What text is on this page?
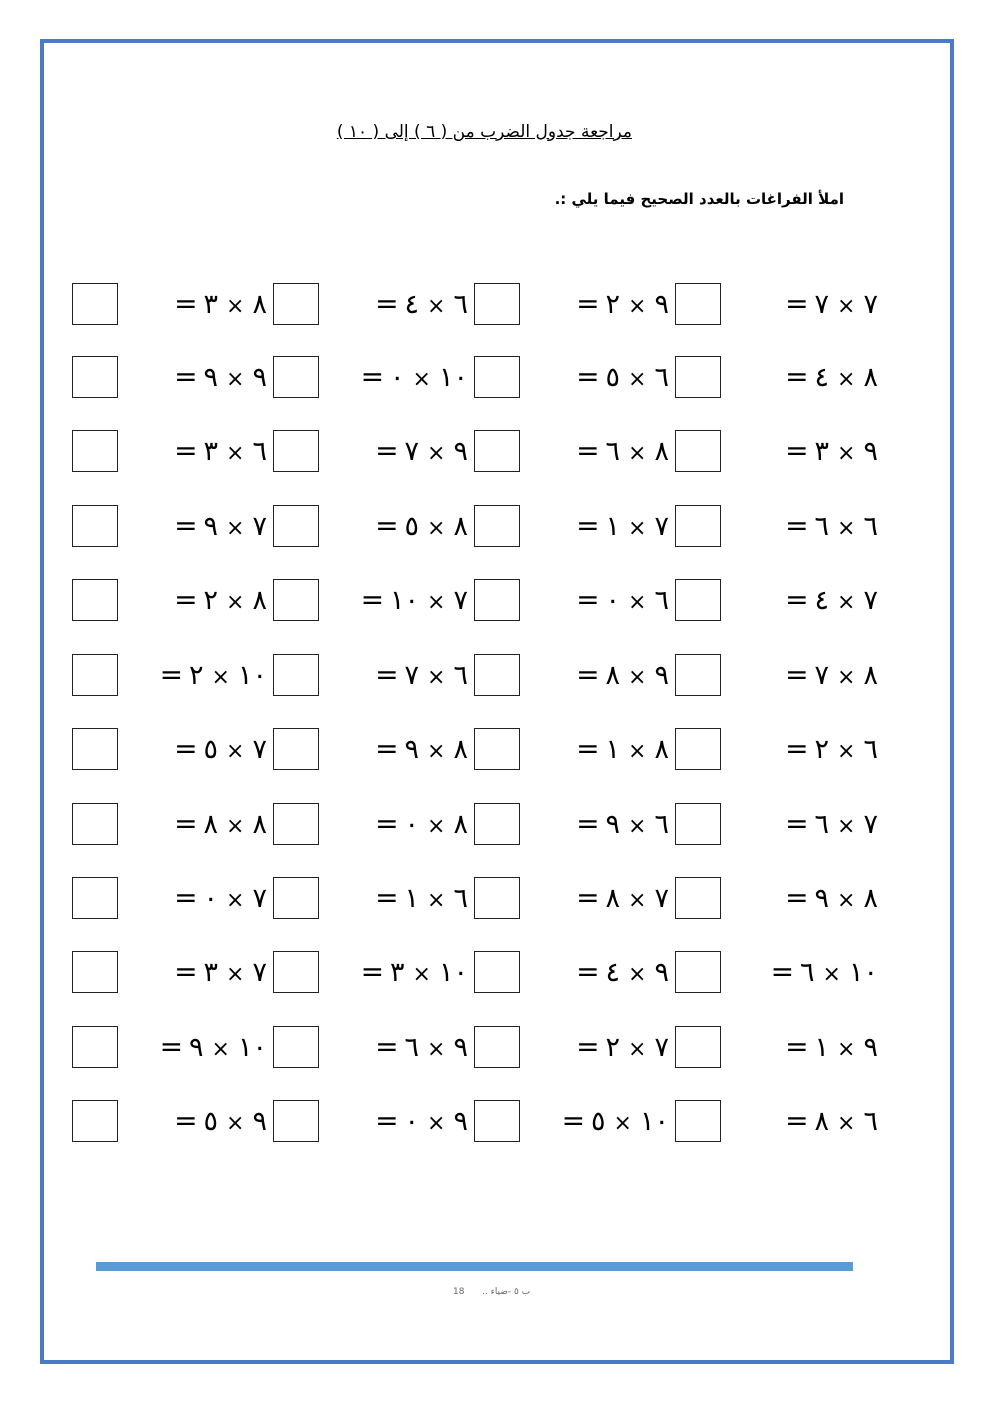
مراجعة جدول الضرب من ( ٦ ) إلى ( ١٠ )
املأ الفراغات بالعدد الصحيح فيما يلي :.
٧×٧=
٩×٢=
٦×٤=
٨×٣=
٨×٤=
٦×٥=
١٠×٠=
٩×٩=
٩×٣=
٨×٦=
٩×٧=
٦×٣=
٦×٦=
٧×١=
٨×٥=
٧×٩=
٧×٤=
٦×٠=
٧×١٠=
٨×٢=
٨×٧=
٩×٨=
٦×٧=
١٠×٢=
٦×٢=
٨×١=
٨×٩=
٧×٥=
٧×٦=
٦×٩=
٨×٠=
٨×٨=
٨×٩=
٧×٨=
٦×١=
٧×٠=
١٠×٦=
٩×٤=
١٠×٣=
٧×٣=
٩×١=
٧×٢=
٩×٦=
١٠×٩=
٦×٨=
١٠×٥=
٩×٠=
٩×٥=
18 ب ٥ -ضياء ..
